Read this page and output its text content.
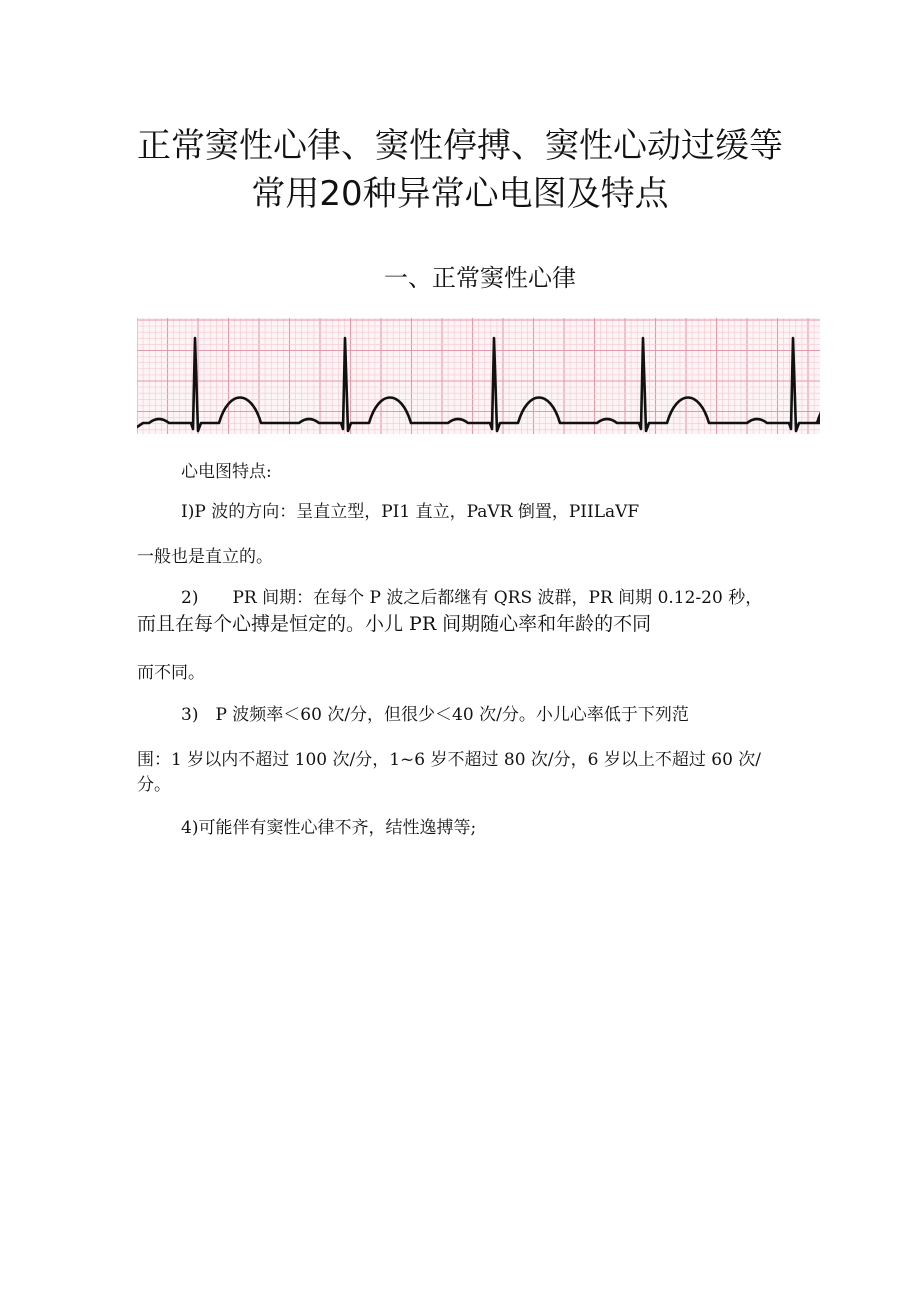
正常窦性心律、窦性停搏、窦性心动过缓等
常用20种异常心电图及特点
一、正常窦性心律

心电图特点:

I)P 波的方向：呈直立型，PI1 直立，PaVR 倒置，PIILaVF

一般也是直立的。

2)　　PR 间期：在每个 P 波之后都继有 QRS 波群，PR 间期 0.12-20 秒，

而且在每个心搏是恒定的。小儿 PR 间期随心率和年龄的不同

而不同。

3)　P 波频率＜60 次/分，但很少＜40 次/分。小儿心率低于下列范

围：1 岁以内不超过 100 次/分，1~6 岁不超过 80 次/分，6 岁以上不超过 60 次/

分。

4)可能伴有窦性心律不齐，结性逸搏等;
